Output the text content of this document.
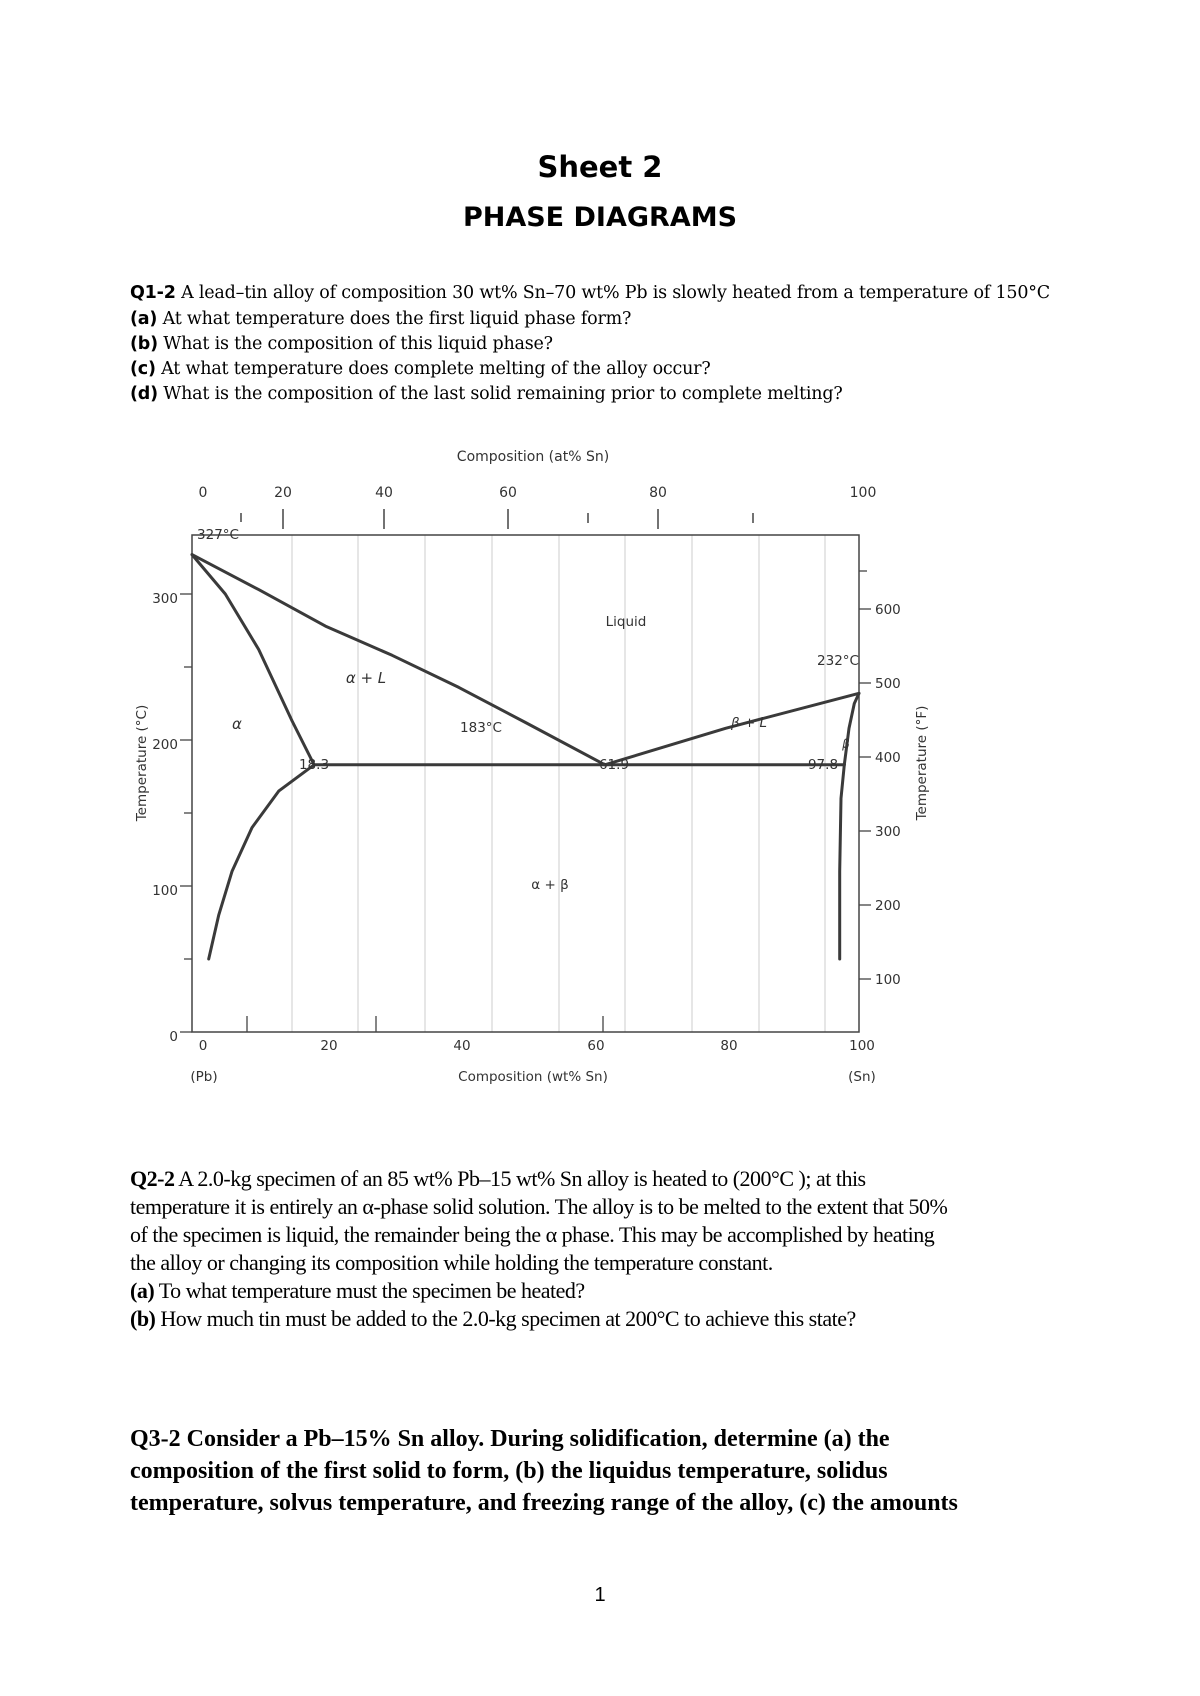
Sheet 2
PHASE DIAGRAMS
Q1-2 A lead–tin alloy of composition 30 wt% Sn–70 wt% Pb is slowly heated from a temperature of 150°C
(a) At what temperature does the first liquid phase form?
(b) What is the composition of this liquid phase?
(c) At what temperature does complete melting of the alloy occur?
(d) What is the composition of the last solid remaining prior to complete melting?
Composition (at% Sn)
0	20	40	60	80	100
0
100
200
300
100
200
300
400
500
600
0	20	40	60	80	100
(Pb)	Composition (wt% Sn)	(Sn)
Temperature (°C)	Temperature (°F)
327°C
232°C
183°C
18.3	61.9	97.8
Liquid
β + L
α + β
α + L
α
β
Q2-2 A 2.0-kg specimen of an 85 wt% Pb–15 wt% Sn alloy is heated to (200°C ); at this
temperature it is entirely an α-phase solid solution. The alloy is to be melted to the extent that 50%
of the specimen is liquid, the remainder being the α phase. This may be accomplished by heating
the alloy or changing its composition while holding the temperature constant.
(a) To what temperature must the specimen be heated?
(b) How much tin must be added to the 2.0-kg specimen at 200°C to achieve this state?
Q3-2 Consider a Pb–15% Sn alloy. During solidification, determine (a) the
composition of the first solid to form, (b) the liquidus temperature, solidus
temperature, solvus temperature, and freezing range of the alloy, (c) the amounts
1
